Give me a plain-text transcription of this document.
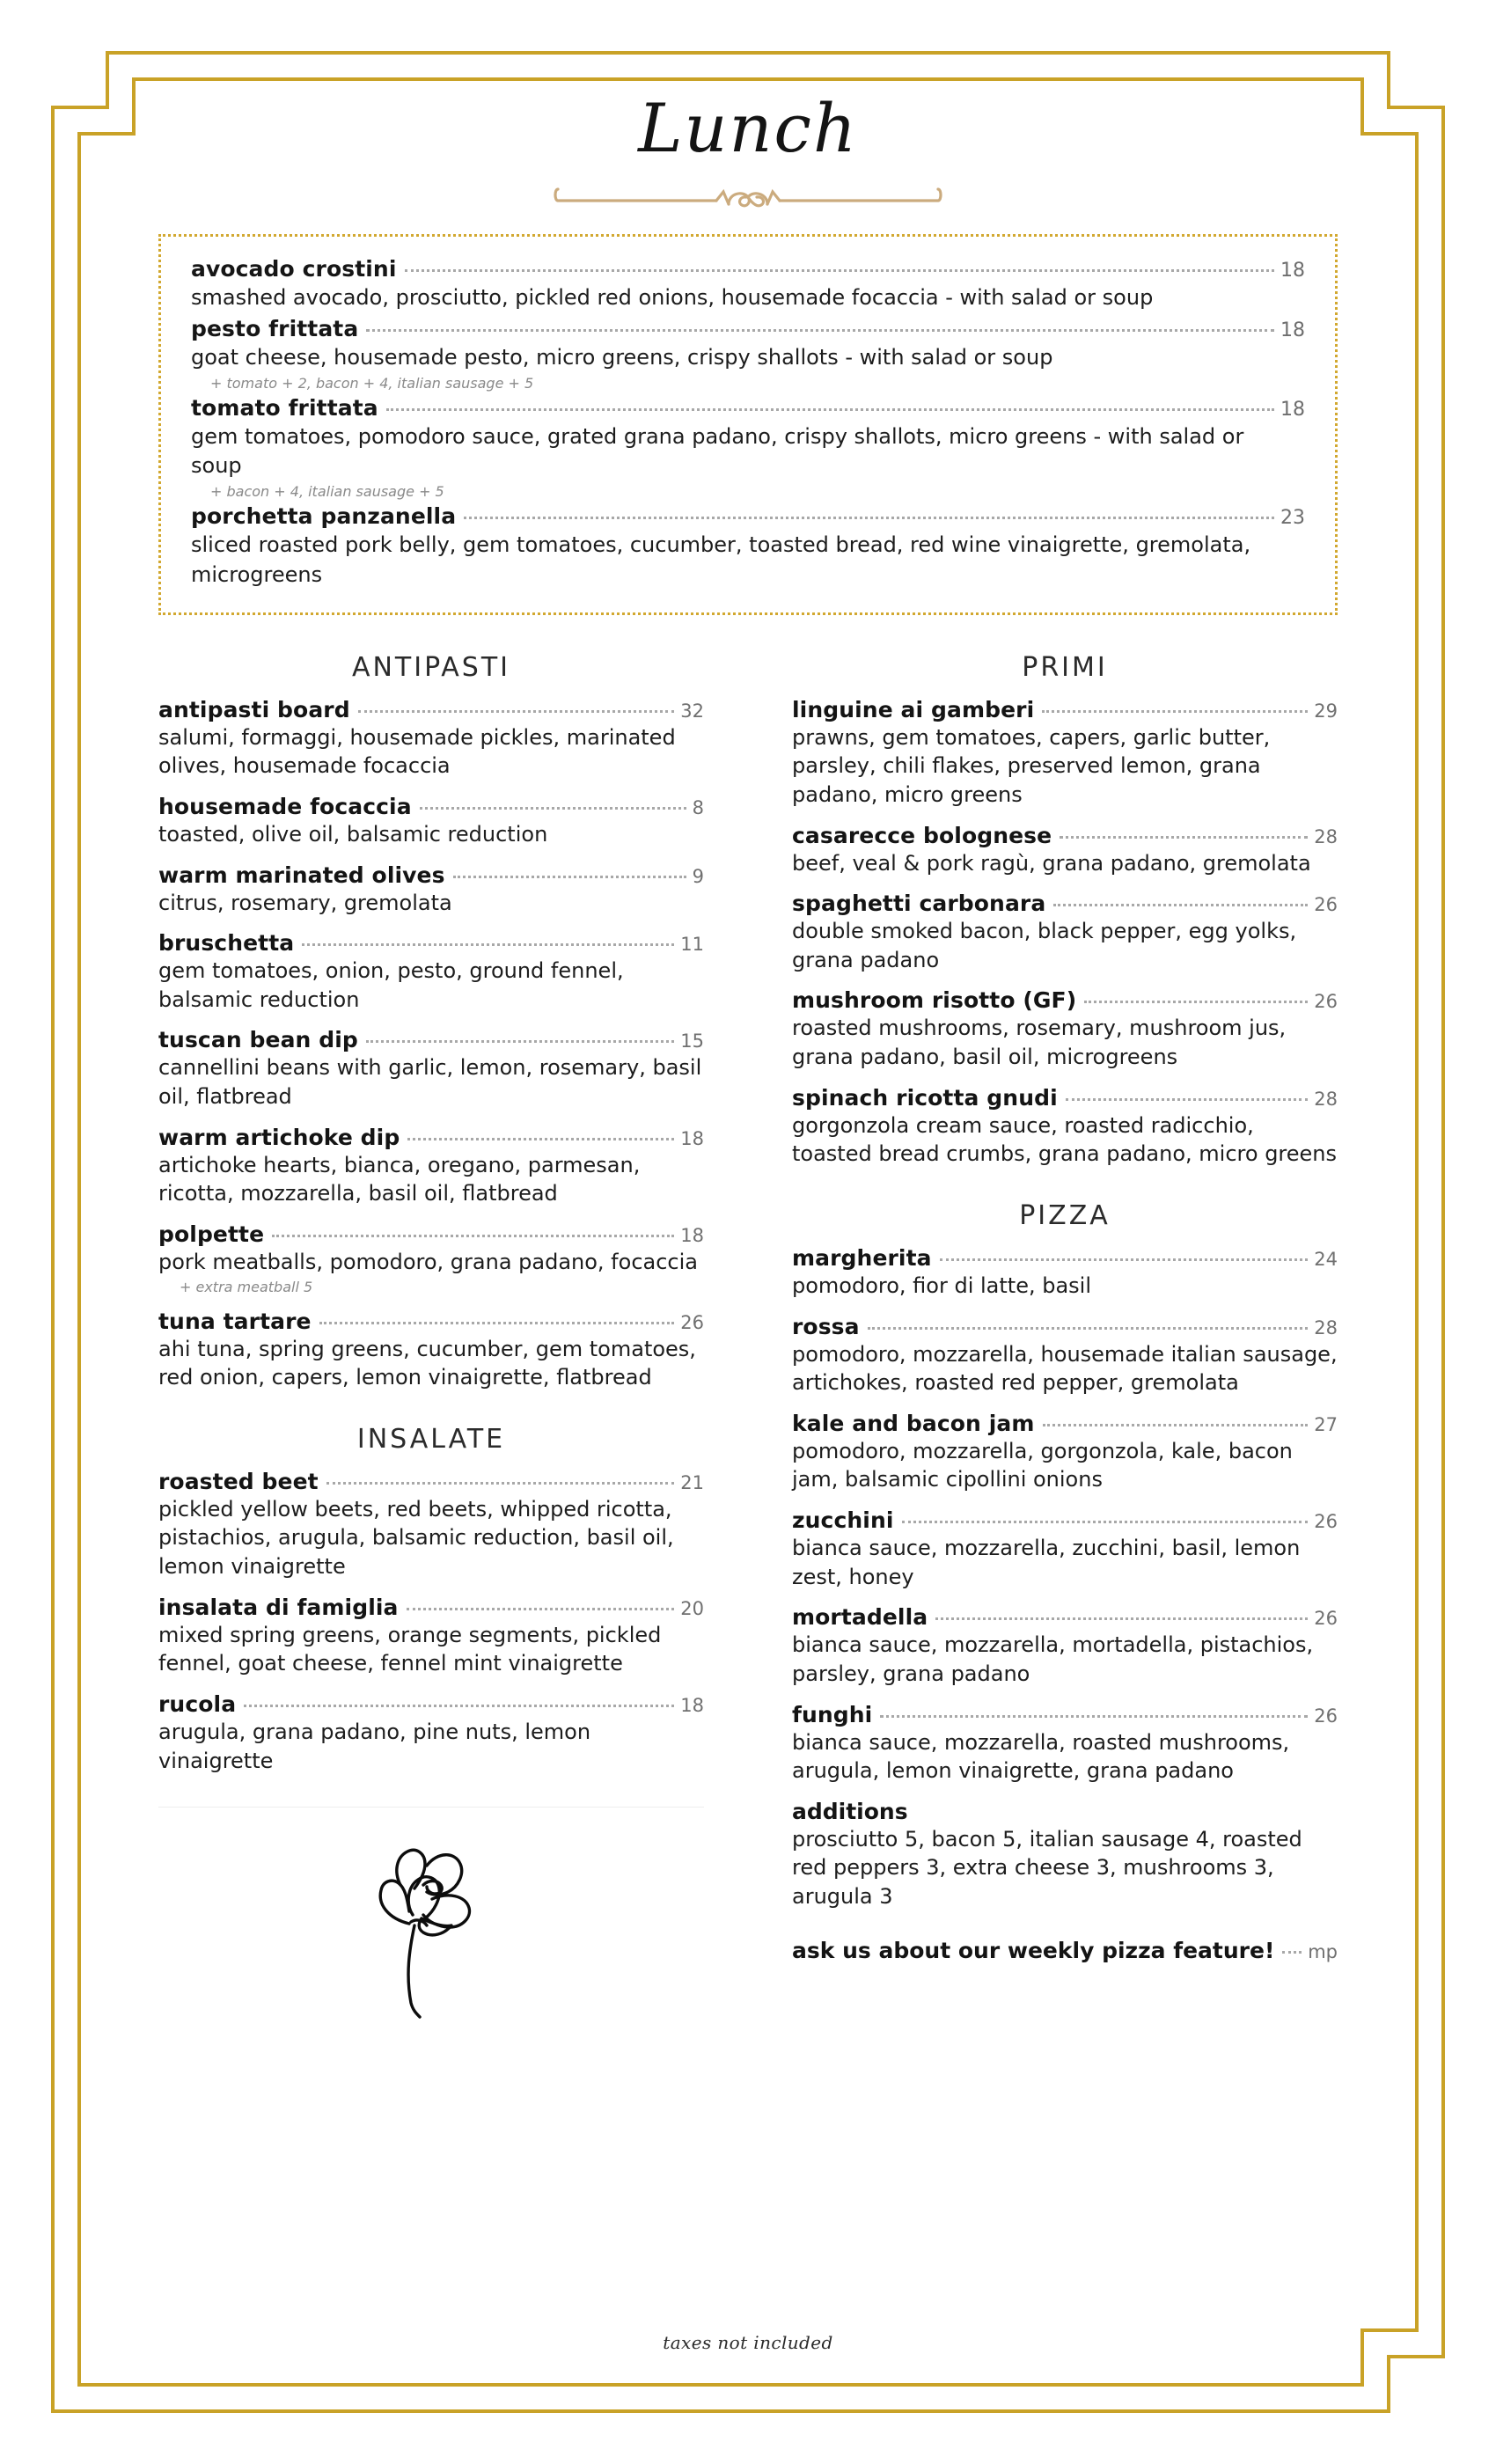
Lunch
avocado crostini	18
smashed avocado, prosciutto, pickled red onions, housemade focaccia - with salad or soup
pesto frittata	18
goat cheese, housemade pesto, micro greens, crispy shallots - with salad or soup
+ tomato + 2, bacon + 4, italian sausage + 5
tomato frittata	18
gem tomatoes, pomodoro sauce, grated grana padano, crispy shallots, micro greens - with salad or soup
+ bacon + 4, italian sausage + 5
porchetta panzanella	23
sliced roasted pork belly, gem tomatoes, cucumber, toasted bread, red wine vinaigrette, gremolata, microgreens
ANTIPASTI
antipasti board	32
salumi, formaggi, housemade pickles, marinated olives, housemade focaccia
housemade focaccia	8
toasted, olive oil, balsamic reduction
warm marinated olives	9
citrus, rosemary, gremolata
bruschetta	11
gem tomatoes, onion, pesto, ground fennel, balsamic reduction
tuscan bean dip	15
cannellini beans with garlic, lemon, rosemary, basil oil, flatbread
warm artichoke dip	18
artichoke hearts, bianca, oregano, parmesan, ricotta, mozzarella, basil oil, flatbread
polpette	18
pork meatballs, pomodoro, grana padano, focaccia
+ extra meatball 5
tuna tartare	26
ahi tuna, spring greens, cucumber, gem tomatoes, red onion, capers, lemon vinaigrette, flatbread
INSALATE
roasted beet	21
pickled yellow beets, red beets, whipped ricotta, pistachios, arugula, balsamic reduction, basil oil, lemon vinaigrette
insalata di famiglia	20
mixed spring greens, orange segments, pickled fennel, goat cheese, fennel mint vinaigrette
rucola	18
arugula, grana padano, pine nuts, lemon vinaigrette
PRIMI
linguine ai gamberi	29
prawns, gem tomatoes, capers, garlic butter, parsley, chili flakes, preserved lemon, grana padano, micro greens
casarecce bolognese	28
beef, veal & pork ragù, grana padano, gremolata
spaghetti carbonara	26
double smoked bacon, black pepper, egg yolks, grana padano
mushroom risotto (GF)	26
roasted mushrooms, rosemary, mushroom jus, grana padano, basil oil, microgreens
spinach ricotta gnudi	28
gorgonzola cream sauce, roasted radicchio, toasted bread crumbs, grana padano, micro greens
PIZZA
margherita	24
pomodoro, fior di latte, basil
rossa	28
pomodoro, mozzarella, housemade italian sausage, artichokes, roasted red pepper, gremolata
kale and bacon jam	27
pomodoro, mozzarella, gorgonzola, kale, bacon jam, balsamic cipollini onions
zucchini	26
bianca sauce, mozzarella, zucchini, basil, lemon zest, honey
mortadella	26
bianca sauce, mozzarella, mortadella, pistachios, parsley, grana padano
funghi	26
bianca sauce, mozzarella, roasted mushrooms, arugula, lemon vinaigrette, grana padano
additions
prosciutto 5, bacon 5, italian sausage 4, roasted red peppers 3, extra cheese 3, mushrooms 3, arugula 3
ask us about our weekly pizza feature! mp
taxes not included
